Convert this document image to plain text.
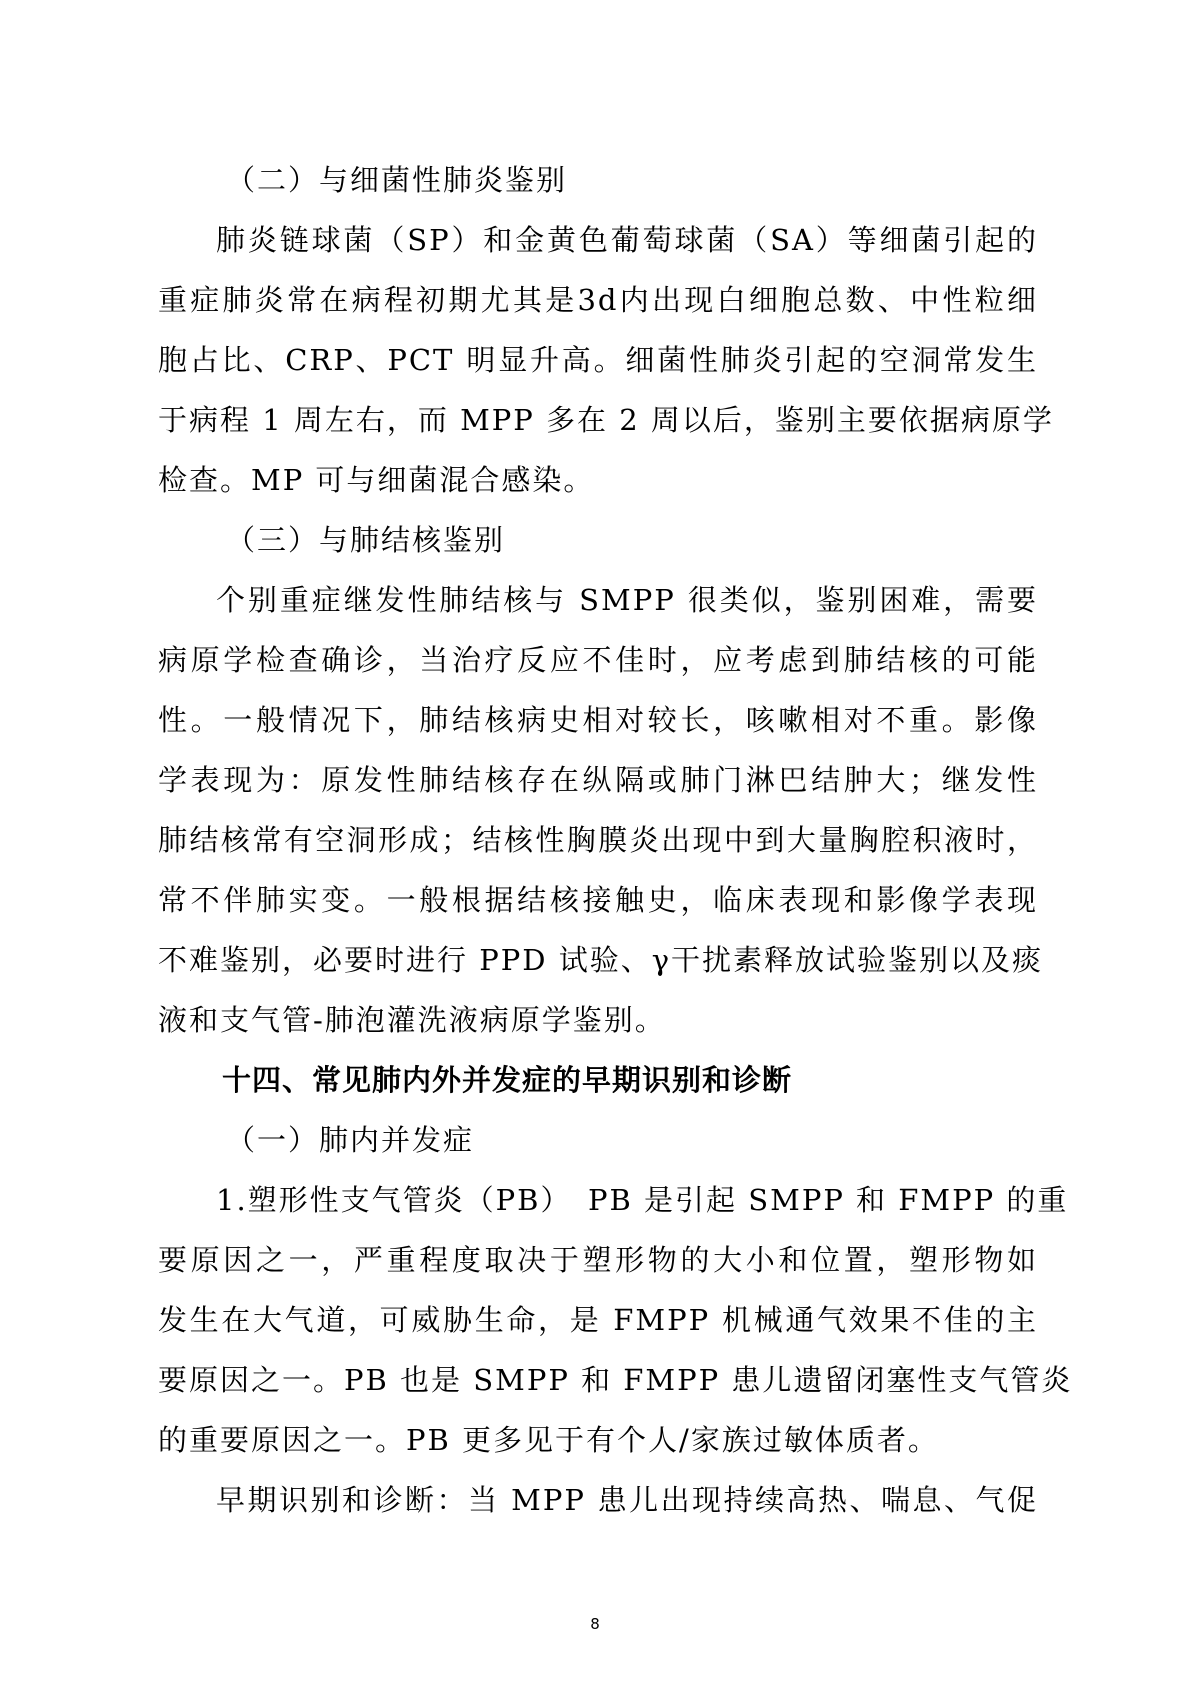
（二）与细菌性肺炎鉴别
肺炎链球菌（SP）和金黄色葡萄球菌（SA）等细菌引起的
重症肺炎常在病程初期尤其是3d内出现白细胞总数、中性粒细
胞占比、CRP、PCT 明显升高。细菌性肺炎引起的空洞常发生
于病程 1 周左右，而 MPP 多在 2 周以后，鉴别主要依据病原学
检查。MP 可与细菌混合感染。
（三）与肺结核鉴别
个别重症继发性肺结核与 SMPP 很类似，鉴别困难，需要
病原学检查确诊，当治疗反应不佳时，应考虑到肺结核的可能
性。一般情况下，肺结核病史相对较长，咳嗽相对不重。影像
学表现为：原发性肺结核存在纵隔或肺门淋巴结肿大；继发性
肺结核常有空洞形成；结核性胸膜炎出现中到大量胸腔积液时，
常不伴肺实变。一般根据结核接触史，临床表现和影像学表现
不难鉴别，必要时进行 PPD 试验、γ干扰素释放试验鉴别以及痰
液和支气管-肺泡灌洗液病原学鉴别。
十四、常见肺内外并发症的早期识别和诊断
（一）肺内并发症
1.塑形性支气管炎（PB）　PB 是引起 SMPP 和 FMPP 的重
要原因之一，严重程度取决于塑形物的大小和位置，塑形物如
发生在大气道，可威胁生命，是 FMPP 机械通气效果不佳的主
要原因之一。PB 也是 SMPP 和 FMPP 患儿遗留闭塞性支气管炎
的重要原因之一。PB 更多见于有个人/家族过敏体质者。
早期识别和诊断：当 MPP 患儿出现持续高热、喘息、气促
8
